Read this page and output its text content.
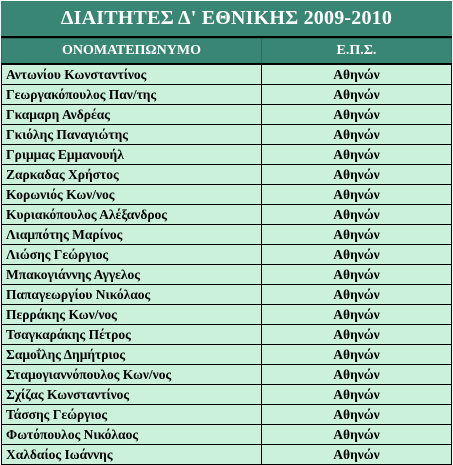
ΔΙΑΙΤΗΤΕΣ Δ' ΕΘΝΙΚΗΣ 2009-2010
ΟΝΟΜΑΤΕΠΩΝΥΜΟ	Ε.Π.Σ.
Αντωνίου Κωνσταντίνος	Αθηνών
Γεωργακόπουλος Παν/της	Αθηνών
Γκαμαρη Ανδρέας	Αθηνών
Γκιόλης Παναγιώτης	Αθηνών
Γριμμας Εμμανουήλ	Αθηνών
Ζαρκαδας Χρήστος	Αθηνών
Κορωνιός Κων/νος	Αθηνών
Κυριακόπουλος Αλέξανδρος	Αθηνών
Λιαμπότης Μαρίνος	Αθηνών
Λιώσης Γεώργιος	Αθηνών
Μπακογιάννης Αγγελος	Αθηνών
Παπαγεωργίου Νικόλαος	Αθηνών
Περράκης Κων/νος	Αθηνών
Τσαγκαράκης Πέτρος	Αθηνών
Σαμοΐλης Δημήτριος	Αθηνών
Σταμογιαννόπουλος Κων/νος	Αθηνών
Σχίζας Κωνσταντίνος	Αθηνών
Τάσσης Γεώργιος	Αθηνών
Φωτόπουλος Νικόλαος	Αθηνών
Χαλδαίος Ιωάννης	Αθηνών
